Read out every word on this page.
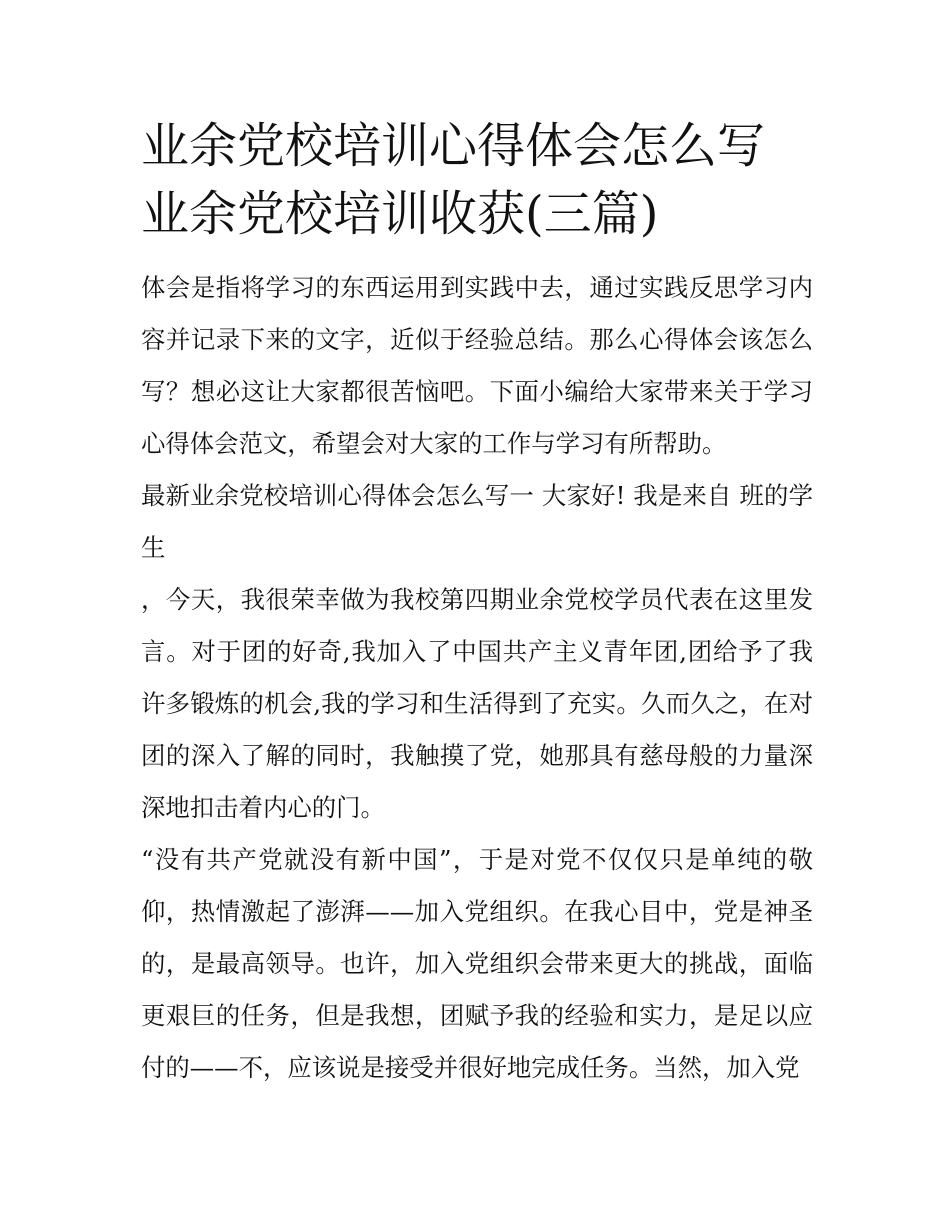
业余党校培训心得体会怎么写
业余党校培训收获(三篇)

体会是指将学习的东西运用到实践中去，通过实践反思学习内容并记录下来的文字，近似于经验总结。那么心得体会该怎么写？想必这让大家都很苦恼吧。下面小编给大家带来关于学习心得体会范文，希望会对大家的工作与学习有所帮助。

最新业余党校培训心得体会怎么写一 大家好! 我是来自 班的学生

，今天，我很荣幸做为我校第四期业余党校学员代表在这里发言。对于团的好奇,我加入了中国共产主义青年团,团给予了我许多锻炼的机会,我的学习和生活得到了充实。久而久之，在对团的深入了解的同时，我触摸了党，她那具有慈母般的力量深深地扣击着内心的门。

“没有共产党就没有新中国”，于是对党不仅仅只是单纯的敬仰，热情激起了澎湃——加入党组织。在我心目中，党是神圣的，是最高领导。也许，加入党组织会带来更大的挑战，面临更艰巨的任务，但是我想，团赋予我的经验和实力，是足以应付的——不，应该说是接受并很好地完成任务。当然，加入党
